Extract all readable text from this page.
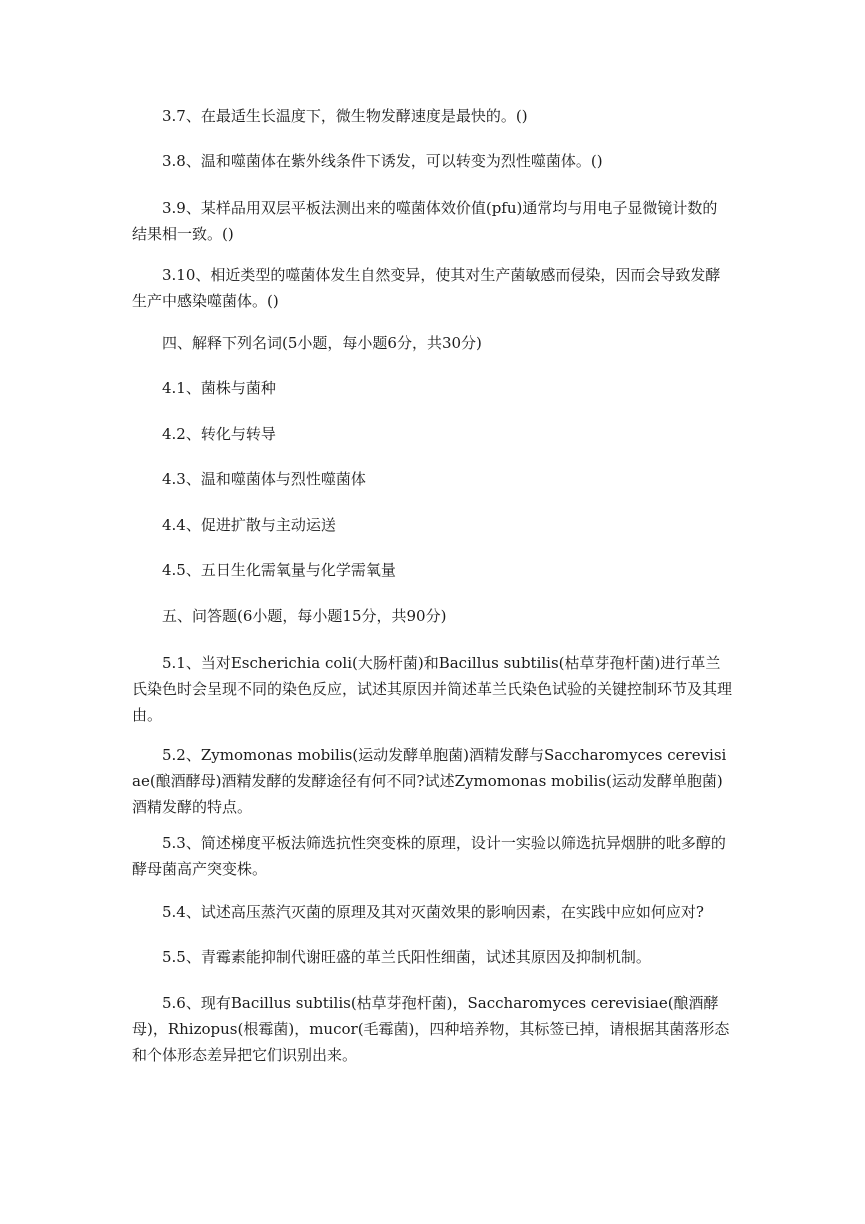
3.7、在最适生长温度下，微生物发酵速度是最快的。()

3.8、温和噬菌体在紫外线条件下诱发，可以转变为烈性噬菌体。()

3.9、某样品用双层平板法测出来的噬菌体效价值(pfu)通常均与用电子显微镜计数的结果相一致。()

3.10、相近类型的噬菌体发生自然变异，使其对生产菌敏感而侵染，因而会导致发酵生产中感染噬菌体。()

四、解释下列名词(5小题，每小题6分，共30分)

4.1、菌株与菌种

4.2、转化与转导

4.3、温和噬菌体与烈性噬菌体

4.4、促进扩散与主动运送

4.5、五日生化需氧量与化学需氧量

五、问答题(6小题，每小题15分，共90分)

5.1、当对Escherichia coli(大肠杆菌)和Bacillus subtilis(枯草芽孢杆菌)进行革兰氏染色时会呈现不同的染色反应，试述其原因并简述革兰氏染色试验的关键控制环节及其理由。

5.2、Zymomonas mobilis(运动发酵单胞菌)酒精发酵与Saccharomyces cerevisiae(酿酒酵母)酒精发酵的发酵途径有何不同?试述Zymomonas mobilis(运动发酵单胞菌)酒精发酵的特点。

5.3、简述梯度平板法筛选抗性突变株的原理，设计一实验以筛选抗异烟肼的吡多醇的酵母菌高产突变株。

5.4、试述高压蒸汽灭菌的原理及其对灭菌效果的影响因素，在实践中应如何应对?

5.5、青霉素能抑制代谢旺盛的革兰氏阳性细菌，试述其原因及抑制机制。

5.6、现有Bacillus subtilis(枯草芽孢杆菌)，Saccharomyces cerevisiae(酿酒酵母)，Rhizopus(根霉菌)，mucor(毛霉菌)，四种培养物，其标签已掉，请根据其菌落形态和个体形态差异把它们识别出来。
